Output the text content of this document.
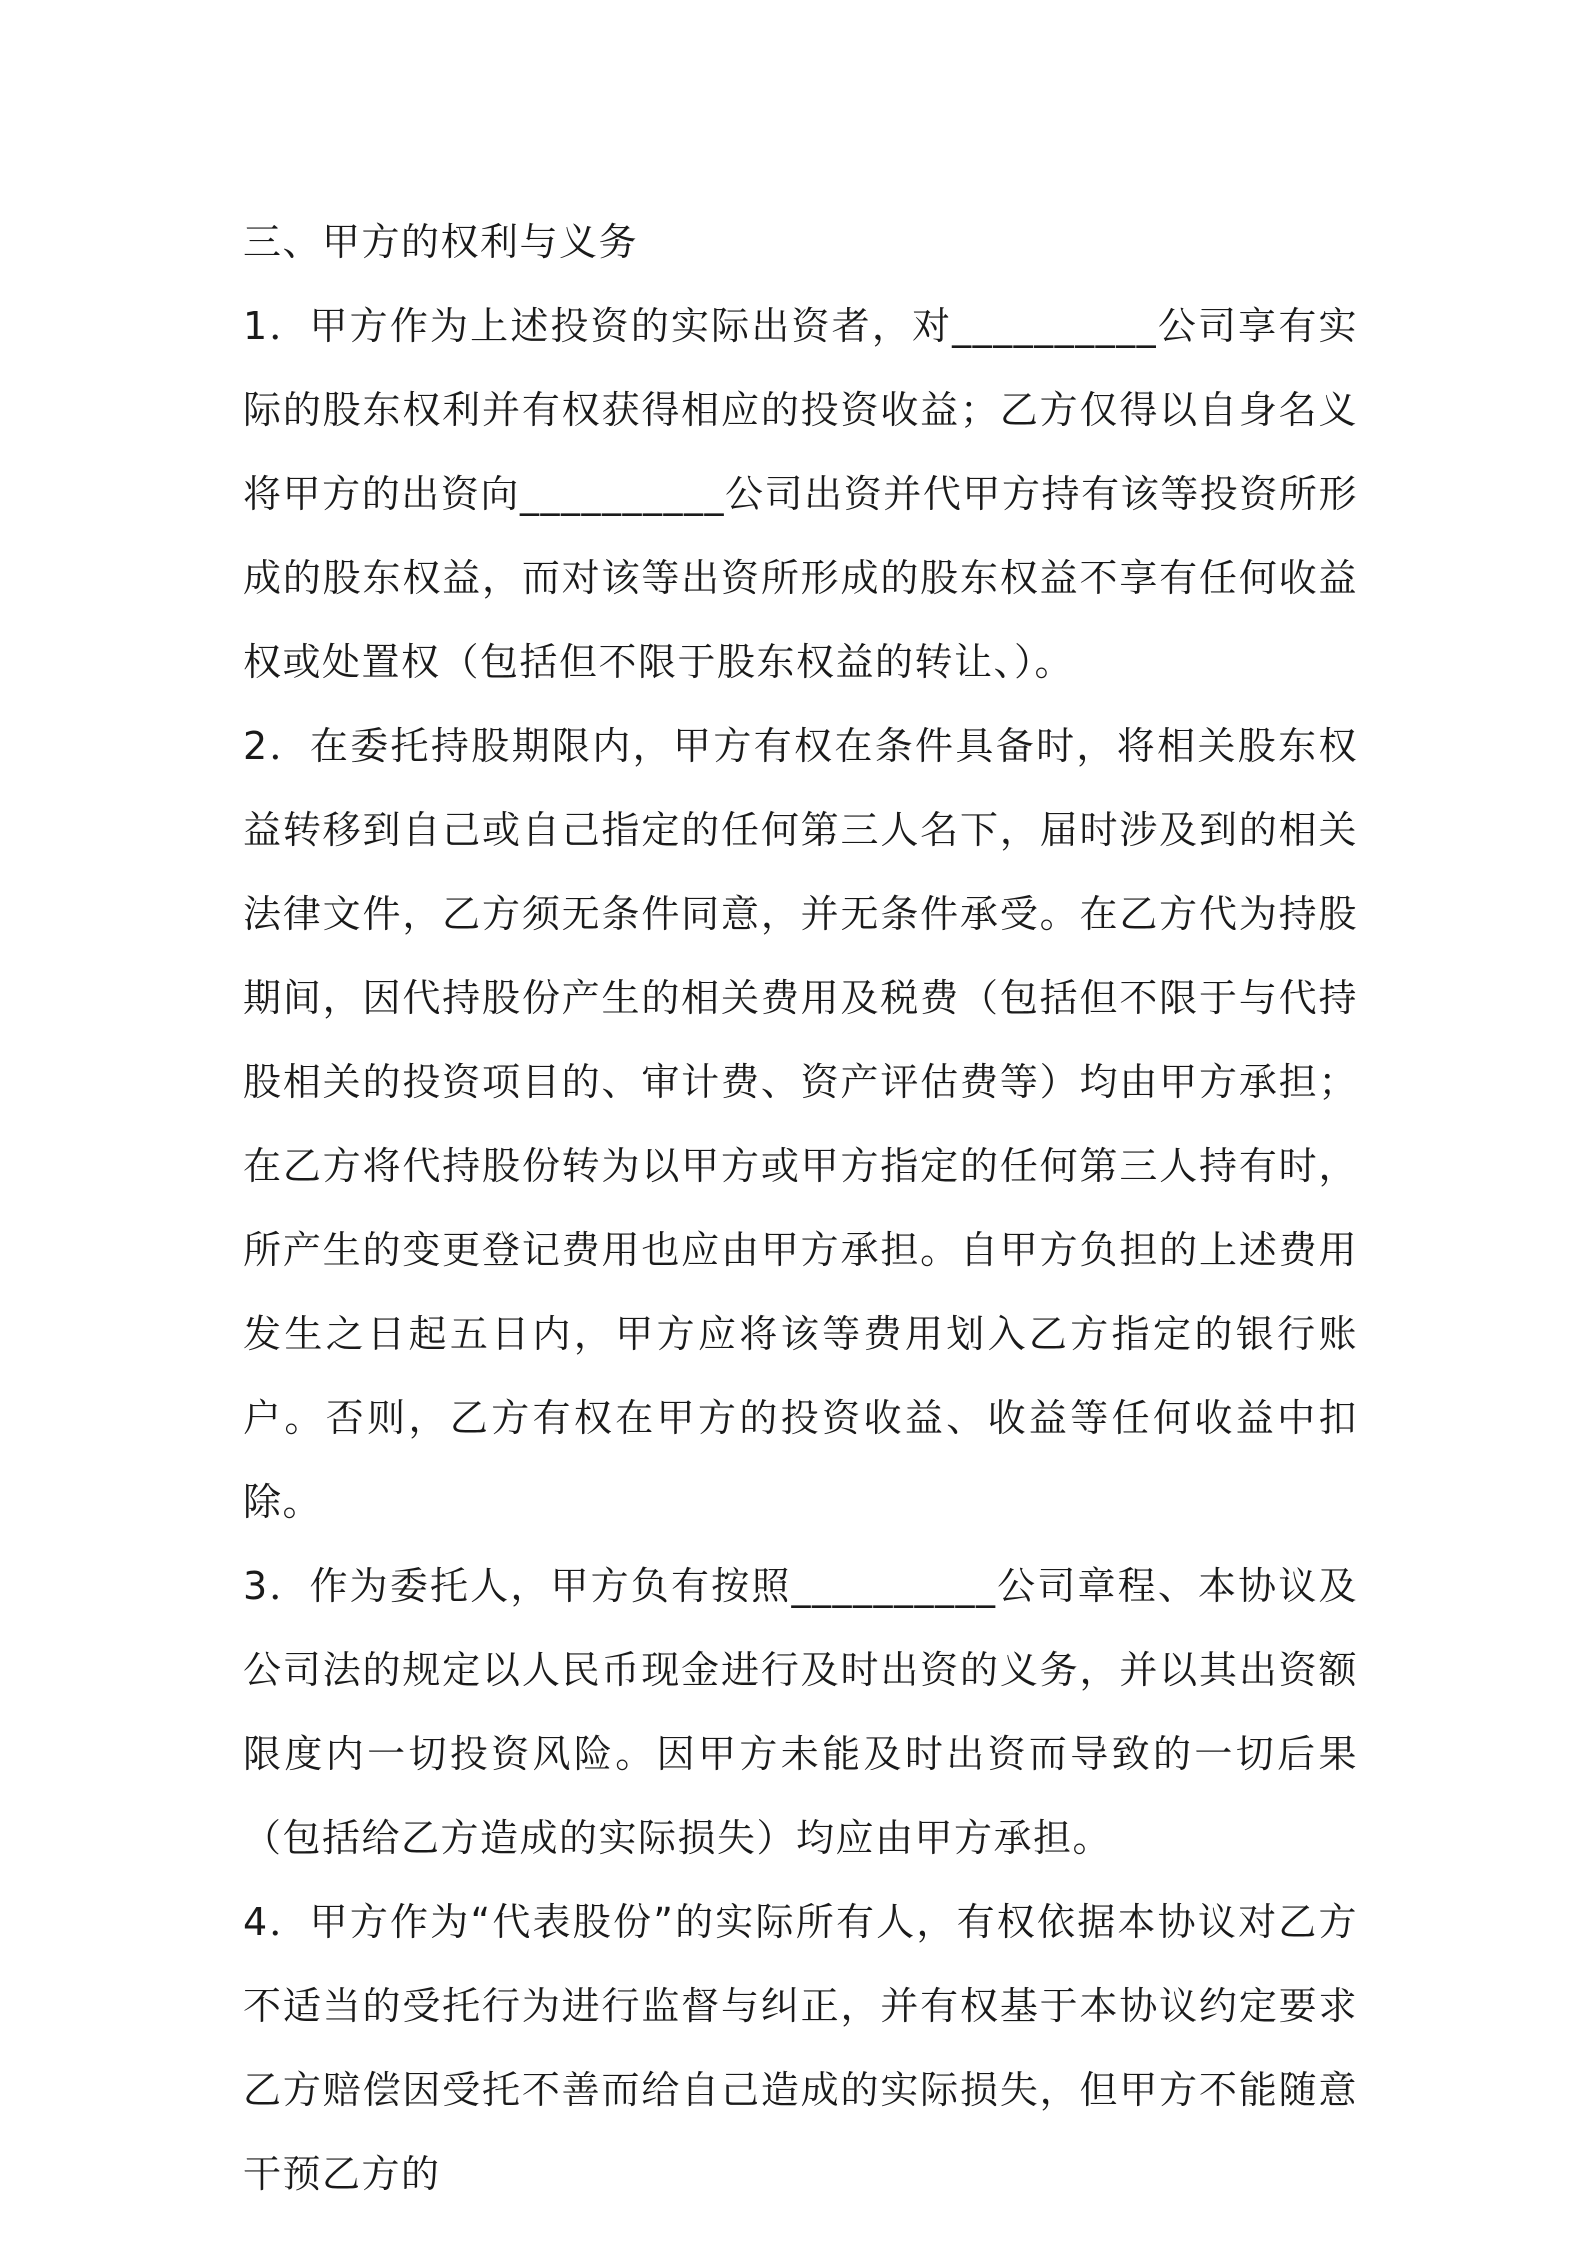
三、甲方的权利与义务

1．甲方作为上述投资的实际出资者，对__________公司享有实际的股东权利并有权获得相应的投资收益；乙方仅得以自身名义将甲方的出资向__________公司出资并代甲方持有该等投资所形成的股东权益，而对该等出资所形成的股东权益不享有任何收益权或处置权（包括但不限于股东权益的转让、）。

2．在委托持股期限内，甲方有权在条件具备时，将相关股东权益转移到自己或自己指定的任何第三人名下，届时涉及到的相关法律文件，乙方须无条件同意，并无条件承受。在乙方代为持股期间，因代持股份产生的相关费用及税费（包括但不限于与代持股相关的投资项目的、审计费、资产评估费等）均由甲方承担；在乙方将代持股份转为以甲方或甲方指定的任何第三人持有时，所产生的变更登记费用也应由甲方承担。自甲方负担的上述费用发生之日起五日内，甲方应将该等费用划入乙方指定的银行账户。否则，乙方有权在甲方的投资收益、收益等任何收益中扣除。

3．作为委托人，甲方负有按照__________公司章程、本协议及公司法的规定以人民币现金进行及时出资的义务，并以其出资额限度内一切投资风险。因甲方未能及时出资而导致的一切后果（包括给乙方造成的实际损失）均应由甲方承担。

4．甲方作为“代表股份”的实际所有人，有权依据本协议对乙方不适当的受托行为进行监督与纠正，并有权基于本协议约定要求乙方赔偿因受托不善而给自己造成的实际损失，但甲方不能随意干预乙方的
